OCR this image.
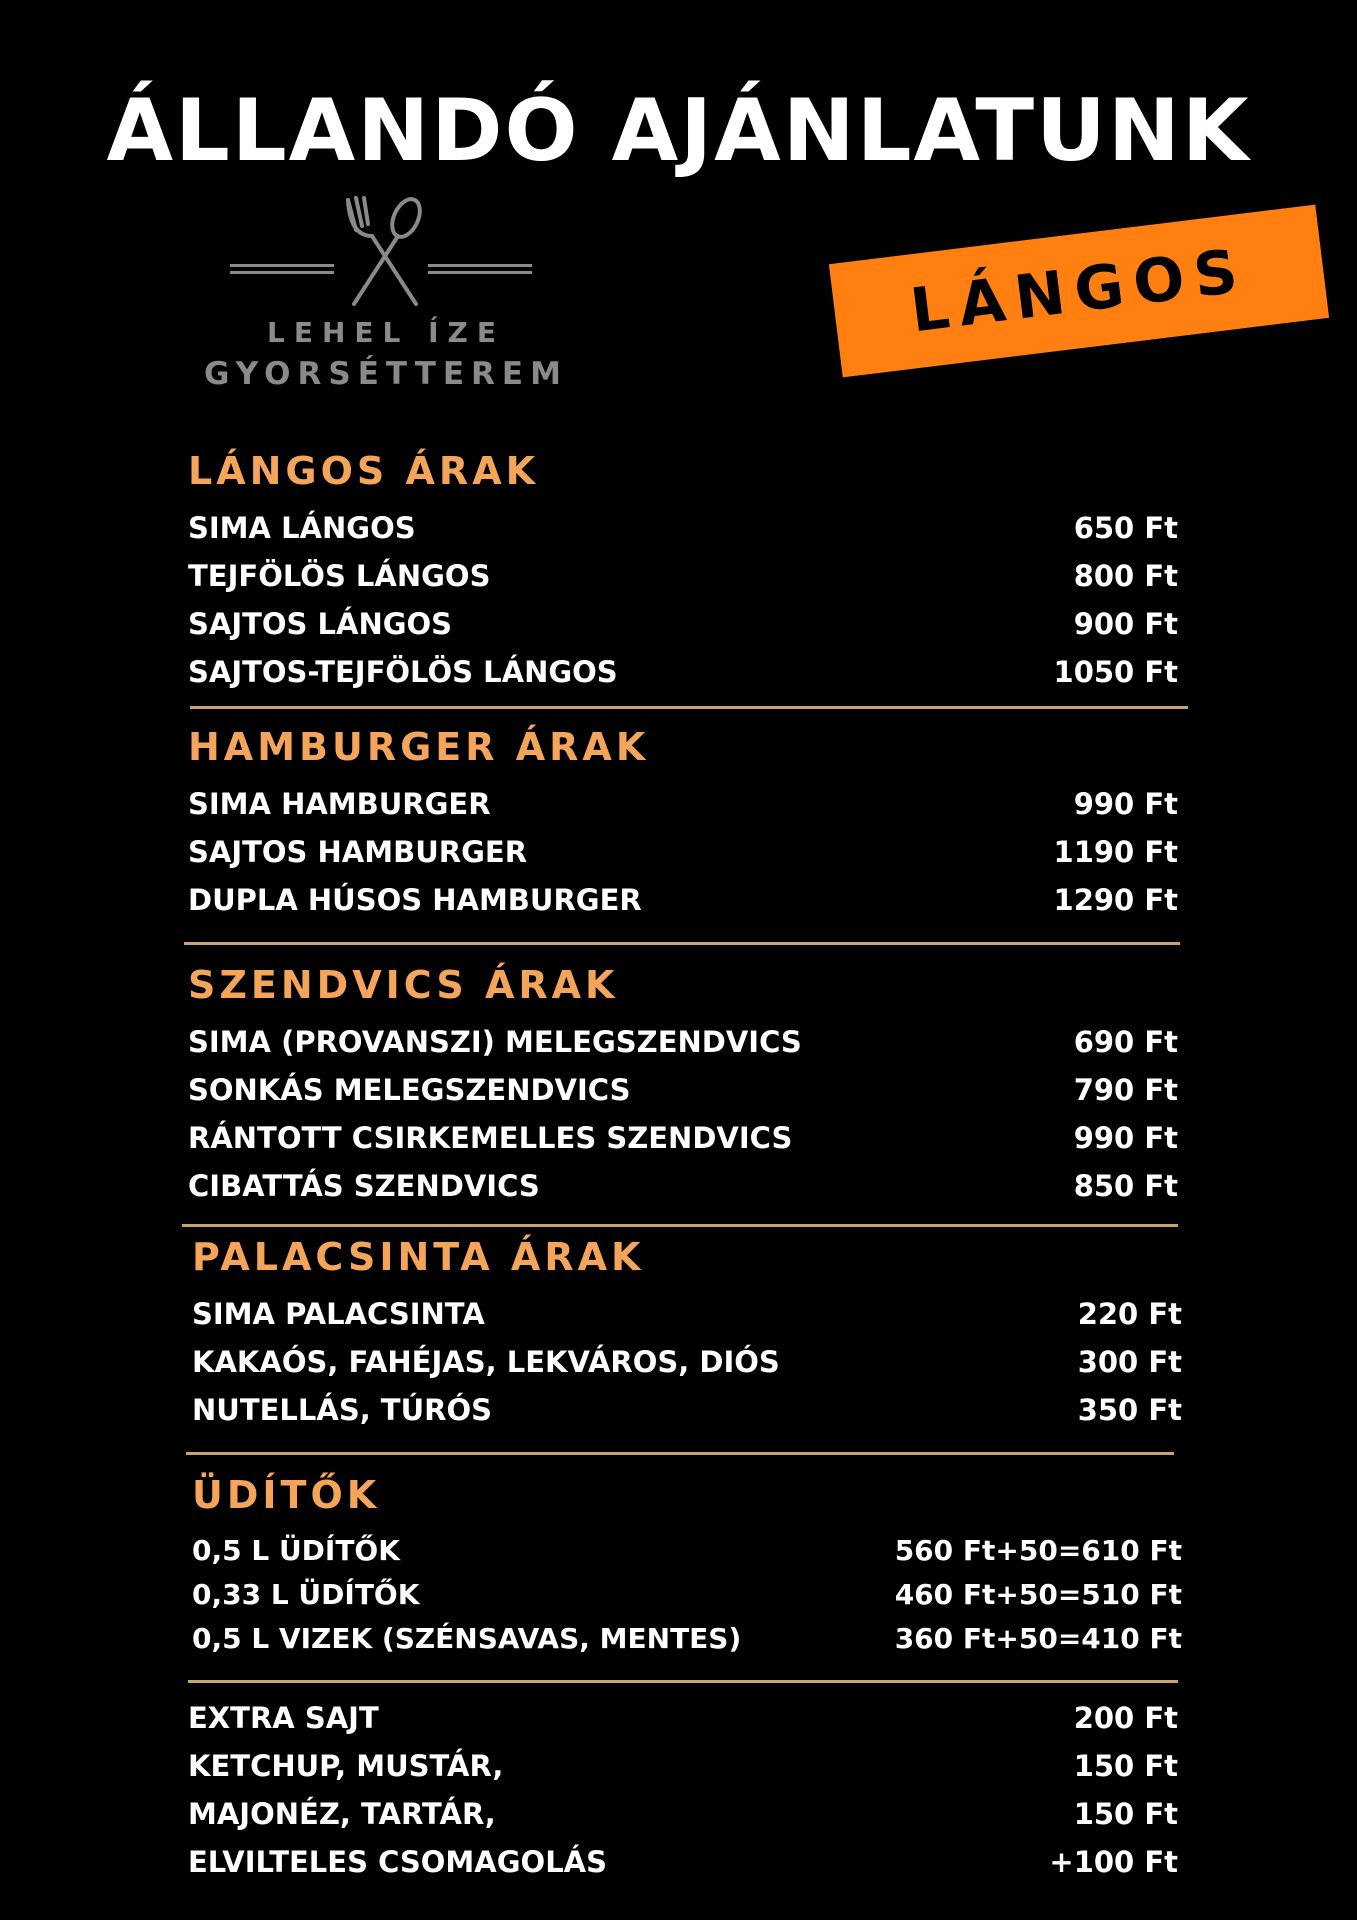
ÁLLANDÓ AJÁNLATUNK
LEHEL ÍZE
GYORSÉTTEREM
LÁNGOS
LÁNGOS ÁRAK
SIMA LÁNGOS	650 Ft
TEJFÖLÖS LÁNGOS	800 Ft
SAJTOS LÁNGOS	900 Ft
SAJTOS-TEJFÖLÖS LÁNGOS	1050 Ft
HAMBURGER ÁRAK
SIMA HAMBURGER	990 Ft
SAJTOS HAMBURGER	1190 Ft
DUPLA HÚSOS HAMBURGER	1290 Ft
SZENDVICS ÁRAK
SIMA (PROVANSZI) MELEGSZENDVICS	690 Ft
SONKÁS MELEGSZENDVICS	790 Ft
RÁNTOTT CSIRKEMELLES SZENDVICS	990 Ft
CIBATTÁS SZENDVICS	850 Ft
PALACSINTA ÁRAK
SIMA PALACSINTA	220 Ft
KAKAÓS, FAHÉJAS, LEKVÁROS, DIÓS	300 Ft
NUTELLÁS, TÚRÓS	350 Ft
ÜDÍTŐK
0,5 L ÜDÍTŐK	560 Ft+50=610 Ft
0,33 L ÜDÍTŐK	460 Ft+50=510 Ft
0,5 L VIZEK (SZÉNSAVAS, MENTES)	360 Ft+50=410 Ft
EXTRA SAJT	200 Ft
KETCHUP, MUSTÁR,	150 Ft
MAJONÉZ, TARTÁR,	150 Ft
ELVILTELES CSOMAGOLÁS	+100 Ft
